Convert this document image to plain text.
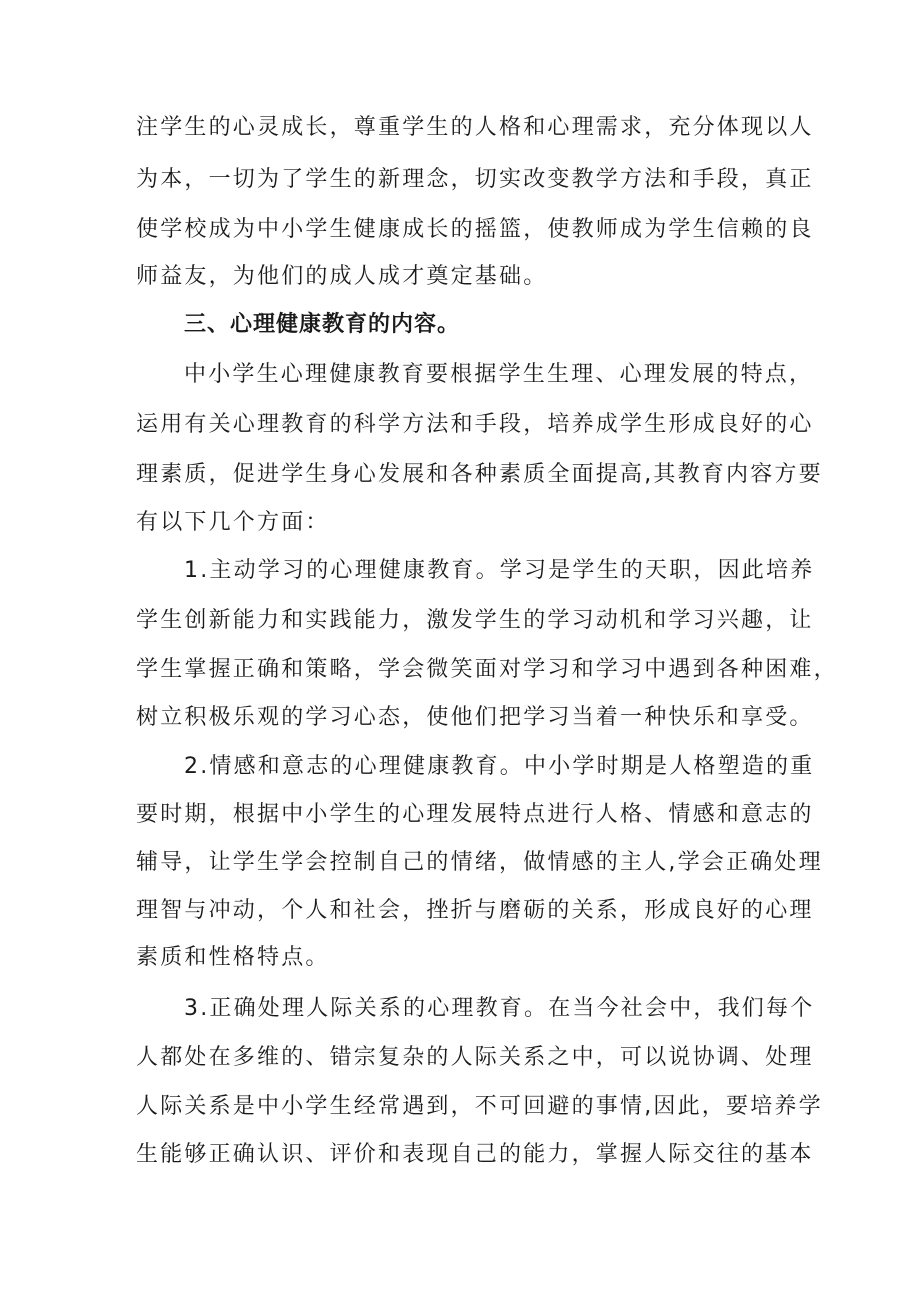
注学生的心灵成长，尊重学生的人格和心理需求，充分体现以人
为本，一切为了学生的新理念，切实改变教学方法和手段，真正
使学校成为中小学生健康成长的摇篮，使教师成为学生信赖的良
师益友，为他们的成人成才奠定基础。
三、心理健康教育的内容。
中小学生心理健康教育要根据学生生理、心理发展的特点，
运用有关心理教育的科学方法和手段，培养成学生形成良好的心
理素质，促进学生身心发展和各种素质全面提高,其教育内容方要
有以下几个方面：
1.主动学习的心理健康教育。学习是学生的天职，因此培养
学生创新能力和实践能力，激发学生的学习动机和学习兴趣，让
学生掌握正确和策略，学会微笑面对学习和学习中遇到各种困难，
树立积极乐观的学习心态，使他们把学习当着一种快乐和享受。
2.情感和意志的心理健康教育。中小学时期是人格塑造的重
要时期，根据中小学生的心理发展特点进行人格、情感和意志的
辅导，让学生学会控制自己的情绪，做情感的主人,学会正确处理
理智与冲动，个人和社会，挫折与磨砺的关系，形成良好的心理
素质和性格特点。
3.正确处理人际关系的心理教育。在当今社会中，我们每个
人都处在多维的、错宗复杂的人际关系之中，可以说协调、处理
人际关系是中小学生经常遇到，不可回避的事情,因此，要培养学
生能够正确认识、评价和表现自己的能力，掌握人际交往的基本
